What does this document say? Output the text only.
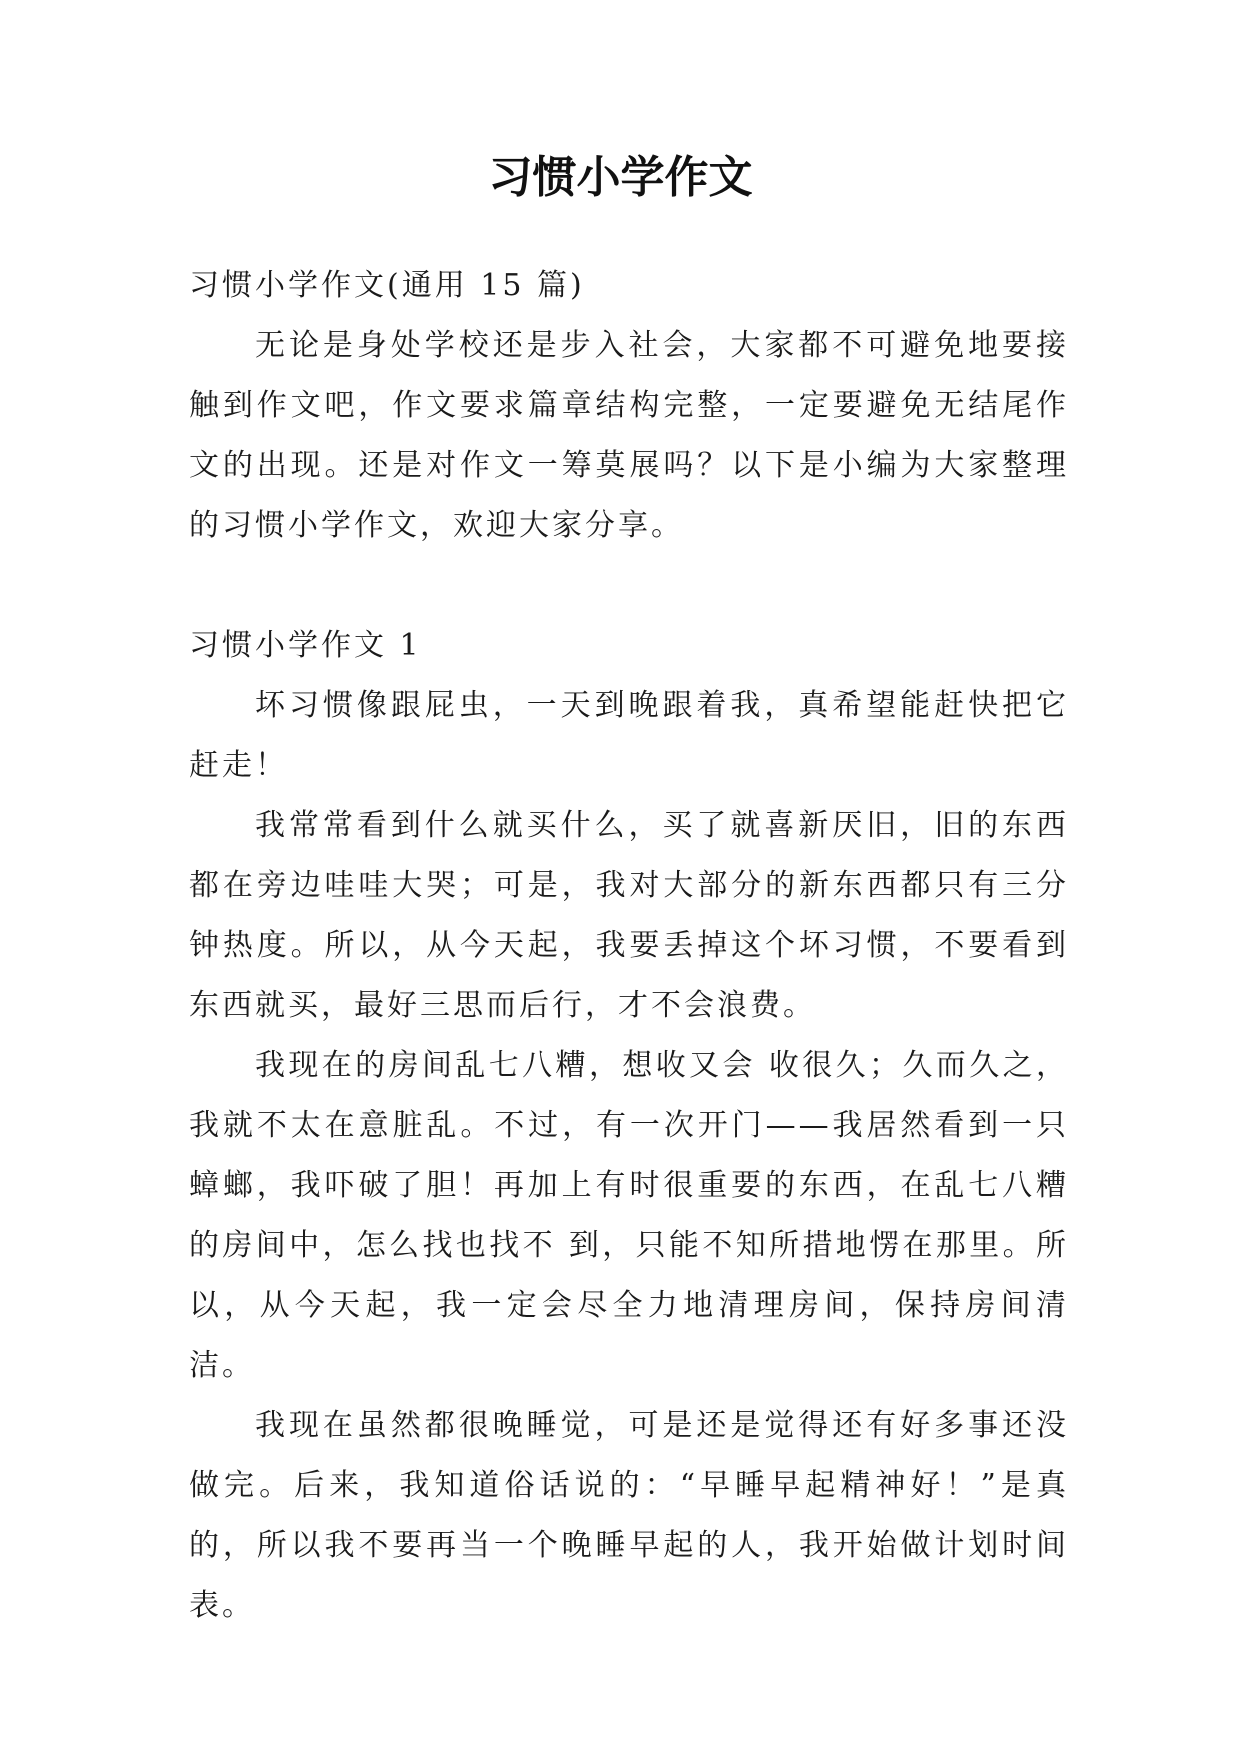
习惯小学作文

习惯小学作文(通用 15 篇)

无论是身处学校还是步入社会，大家都不可避免地要接触到作文吧，作文要求篇章结构完整，一定要避免无结尾作文的出现。还是对作文一筹莫展吗？以下是小编为大家整理的习惯小学作文，欢迎大家分享。

习惯小学作文 1

坏习惯像跟屁虫，一天到晚跟着我，真希望能赶快把它赶走！

我常常看到什么就买什么，买了就喜新厌旧，旧的东西都在旁边哇哇大哭；可是，我对大部分的新东西都只有三分钟热度。所以，从今天起，我要丢掉这个坏习惯，不要看到东西就买，最好三思而后行，才不会浪费。

我现在的房间乱七八糟，想收又会 收很久；久而久之，我就不太在意脏乱。不过，有一次开门——我居然看到一只蟑螂，我吓破了胆！再加上有时很重要的东西，在乱七八糟的房间中，怎么找也找不 到，只能不知所措地愣在那里。所以，从今天起，我一定会尽全力地清理房间，保持房间清洁。

我现在虽然都很晚睡觉，可是还是觉得还有好多事还没做完。后来，我知道俗话说的：“早睡早起精神好！”是真的，所以我不要再当一个晚睡早起的人，我开始做计划时间表。
